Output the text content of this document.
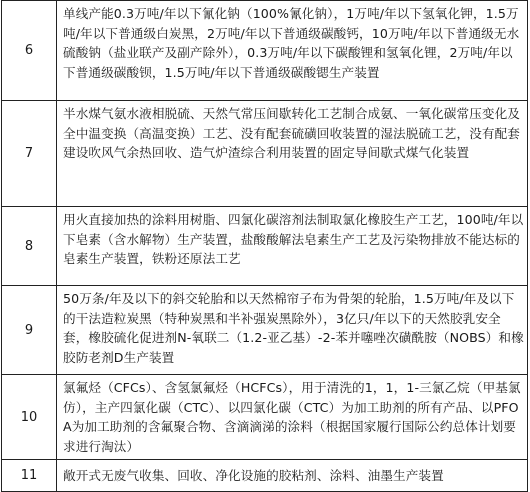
6	单线产能0.3万吨/年以下氰化钠（100%氰化钠），1万吨/年以下氢氧化钾，1.5万吨/年以下普通级白炭黑，2万吨/年以下普通级碳酸钙，10万吨/年以下普通级无水硫酸钠（盐业联产及副产除外），0.3万吨/年以下碳酸锂和氢氧化锂，2万吨/年以下普通级碳酸钡，1.5万吨/年以下普通级碳酸锶生产装置
7	半水煤气氨水液相脱硫、天然气常压间歇转化工艺制合成氨、一氧化碳常压变化及全中温变换（高温变换）工艺、没有配套硫磺回收装置的湿法脱硫工艺，没有配套建设吹风气余热回收、造气炉渣综合利用装置的固定导间歇式煤气化装置
8	用火直接加热的涂料用树脂、四氯化碳溶剂法制取氯化橡胶生产工艺，100吨/年以下皂素（含水解物）生产装置，盐酸酸解法皂素生产工艺及污染物排放不能达标的皂素生产装置，铁粉还原法工艺
9	50万条/年及以下的斜交轮胎和以天然棉帘子布为骨架的轮胎，1.5万吨/年及以下的干法造粒炭黑（特种炭黑和半补强炭黑除外），3亿只/年以下的天然胶乳安全套，橡胶硫化促进剂N-氧联二（1.2-亚乙基）-2-苯并噻唑次磺酰胺（NOBS）和橡胶防老剂D生产装置
10	氯氟烃（CFCs）、含氢氯氟烃（HCFCs），用于清洗的1，1，1-三氯乙烷（甲基氯仿），主产四氯化碳（CTC）、以四氯化碳（CTC）为加工助剂的所有产品、以PFOA为加工助剂的含氟聚合物、含滴滴涕的涂料（根据国家履行国际公约总体计划要求进行淘汰）
11	敞开式无废气收集、回收、净化设施的胶粘剂、涂料、油墨生产装置
